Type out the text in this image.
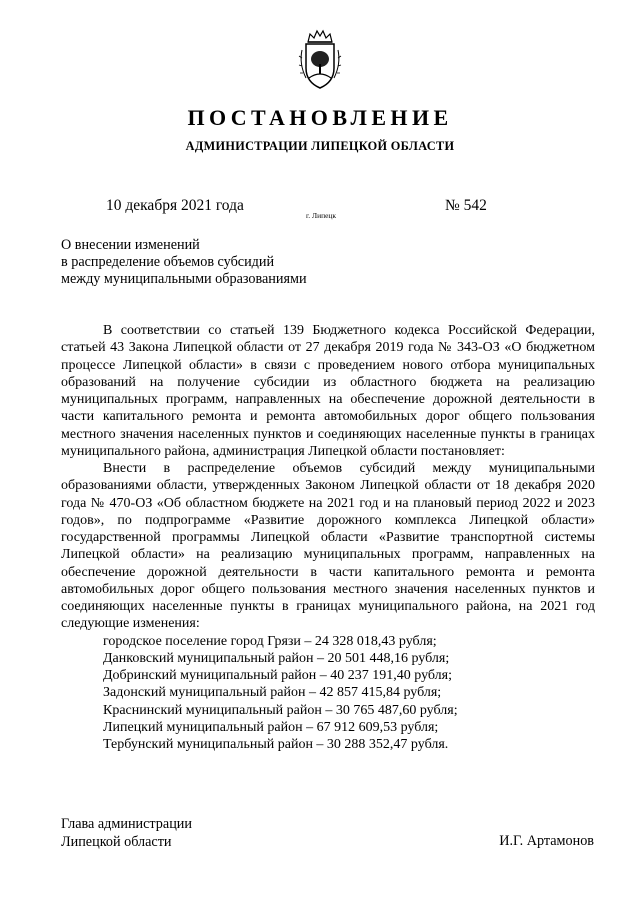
ПОСТАНОВЛЕНИЕ
АДМИНИСТРАЦИИ ЛИПЕЦКОЙ ОБЛАСТИ
10 декабря 2021 года
г. Липецк
№ 542
О внесении изменений
в распределение объемов субсидий
между муниципальными образованиями

В соответствии со статьей 139 Бюджетного кодекса Российской Федерации, статьей 43 Закона Липецкой области от 27 декабря 2019 года № 343-ОЗ «О бюджетном процессе Липецкой области» в связи с проведением нового отбора муниципальных образований на получение субсидии из областного бюджета на реализацию муниципальных программ, направленных на обеспечение дорожной деятельности в части капитального ремонта и ремонта автомобильных дорог общего пользования местного значения населенных пунктов и соединяющих населенные пункты в границах муниципального района, администрация Липецкой области постановляет:

Внести в распределение объемов субсидий между муниципальными образованиями области, утвержденных Законом Липецкой области от 18 декабря 2020 года № 470-ОЗ «Об областном бюджете на 2021 год и на плановый период 2022 и 2023 годов», по подпрограмме «Развитие дорожного комплекса Липецкой области» государственной программы Липецкой области «Развитие транспортной системы Липецкой области» на реализацию муниципальных программ, направленных на обеспечение дорожной деятельности в части капитального ремонта и ремонта автомобильных дорог общего пользования местного значения населенных пунктов и соединяющих населенные пункты в границах муниципального района, на 2021 год следующие изменения:

городское поселение город Грязи – 24 328 018,43 рубля;
Данковский муниципальный район – 20 501 448,16 рубля;
Добринский муниципальный район – 40 237 191,40 рубля;
Задонский муниципальный район – 42 857 415,84 рубля;
Краснинский муниципальный район – 30 765 487,60 рубля;
Липецкий муниципальный район – 67 912 609,53 рубля;
Тербунский муниципальный район – 30 288 352,47 рубля.
Глава администрации
Липецкой области	И.Г. Артамонов
